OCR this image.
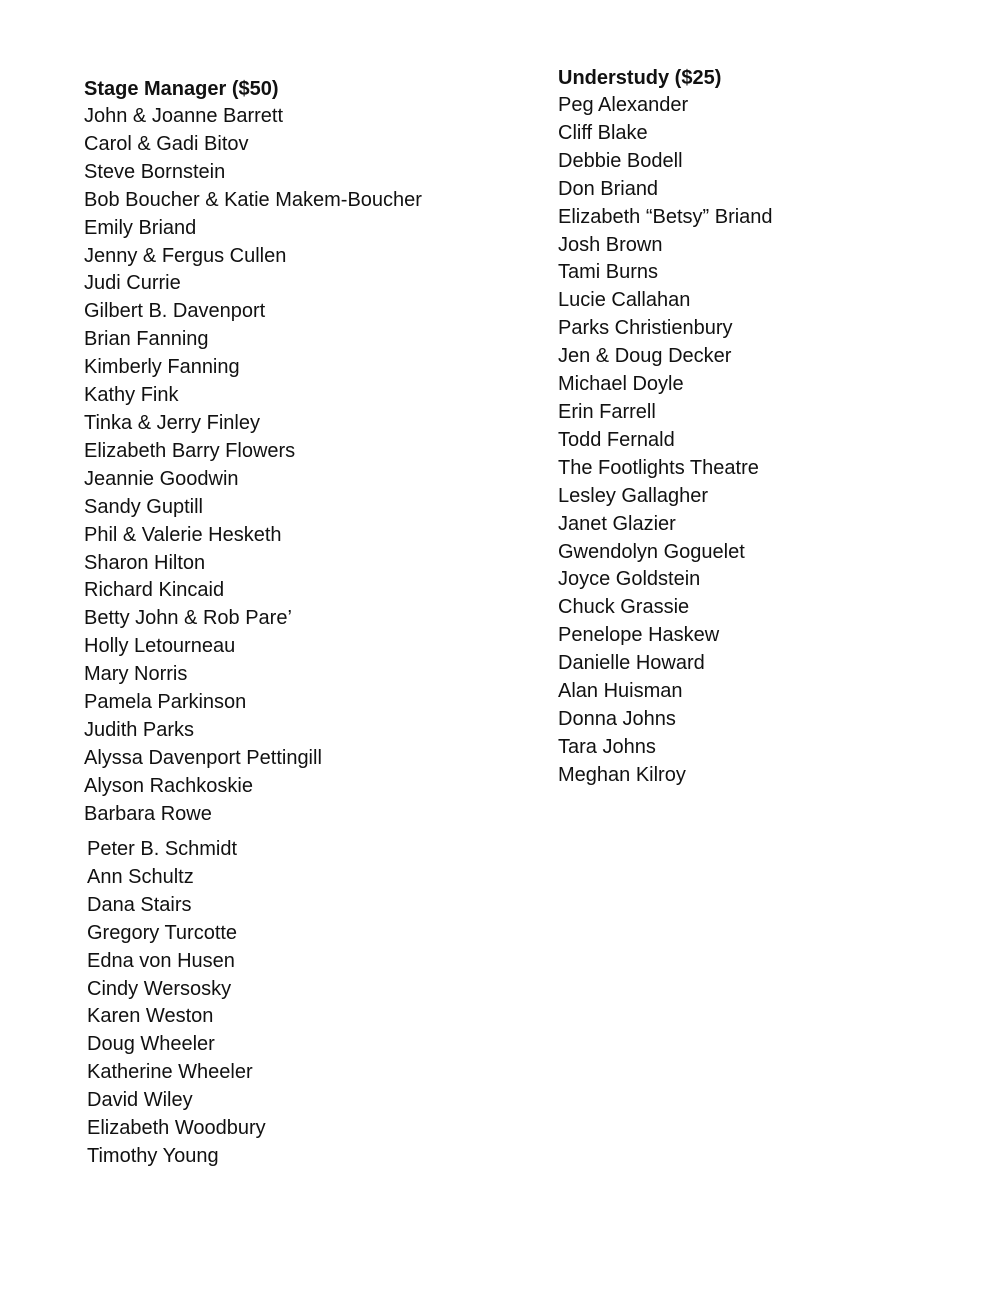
Stage Manager ($50)
John & Joanne Barrett
Carol & Gadi Bitov
Steve Bornstein
Bob Boucher & Katie Makem-Boucher
Emily Briand
Jenny & Fergus Cullen
Judi Currie
Gilbert B. Davenport
Brian Fanning
Kimberly Fanning
Kathy Fink
Tinka & Jerry Finley
Elizabeth Barry Flowers
Jeannie Goodwin
Sandy Guptill
Phil & Valerie Hesketh
Sharon Hilton
Richard Kincaid
Betty John & Rob Pare’
Holly Letourneau
Mary Norris
Pamela Parkinson
Judith Parks
Alyssa Davenport Pettingill
Alyson Rachkoskie
Barbara Rowe
Peter B. Schmidt
Ann Schultz
Dana Stairs
Gregory Turcotte
Edna von Husen
Cindy Wersosky
Karen Weston
Doug Wheeler
Katherine Wheeler
David Wiley
Elizabeth Woodbury
Timothy Young
Understudy ($25)
Peg Alexander
Cliff Blake
Debbie Bodell
Don Briand
Elizabeth “Betsy” Briand
Josh Brown
Tami Burns
Lucie Callahan
Parks Christienbury
Jen & Doug Decker
Michael Doyle
Erin Farrell
Todd Fernald
The Footlights Theatre
Lesley Gallagher
Janet Glazier
Gwendolyn Goguelet
Joyce Goldstein
Chuck Grassie
Penelope Haskew
Danielle Howard
Alan Huisman
Donna Johns
Tara Johns
Meghan Kilroy
